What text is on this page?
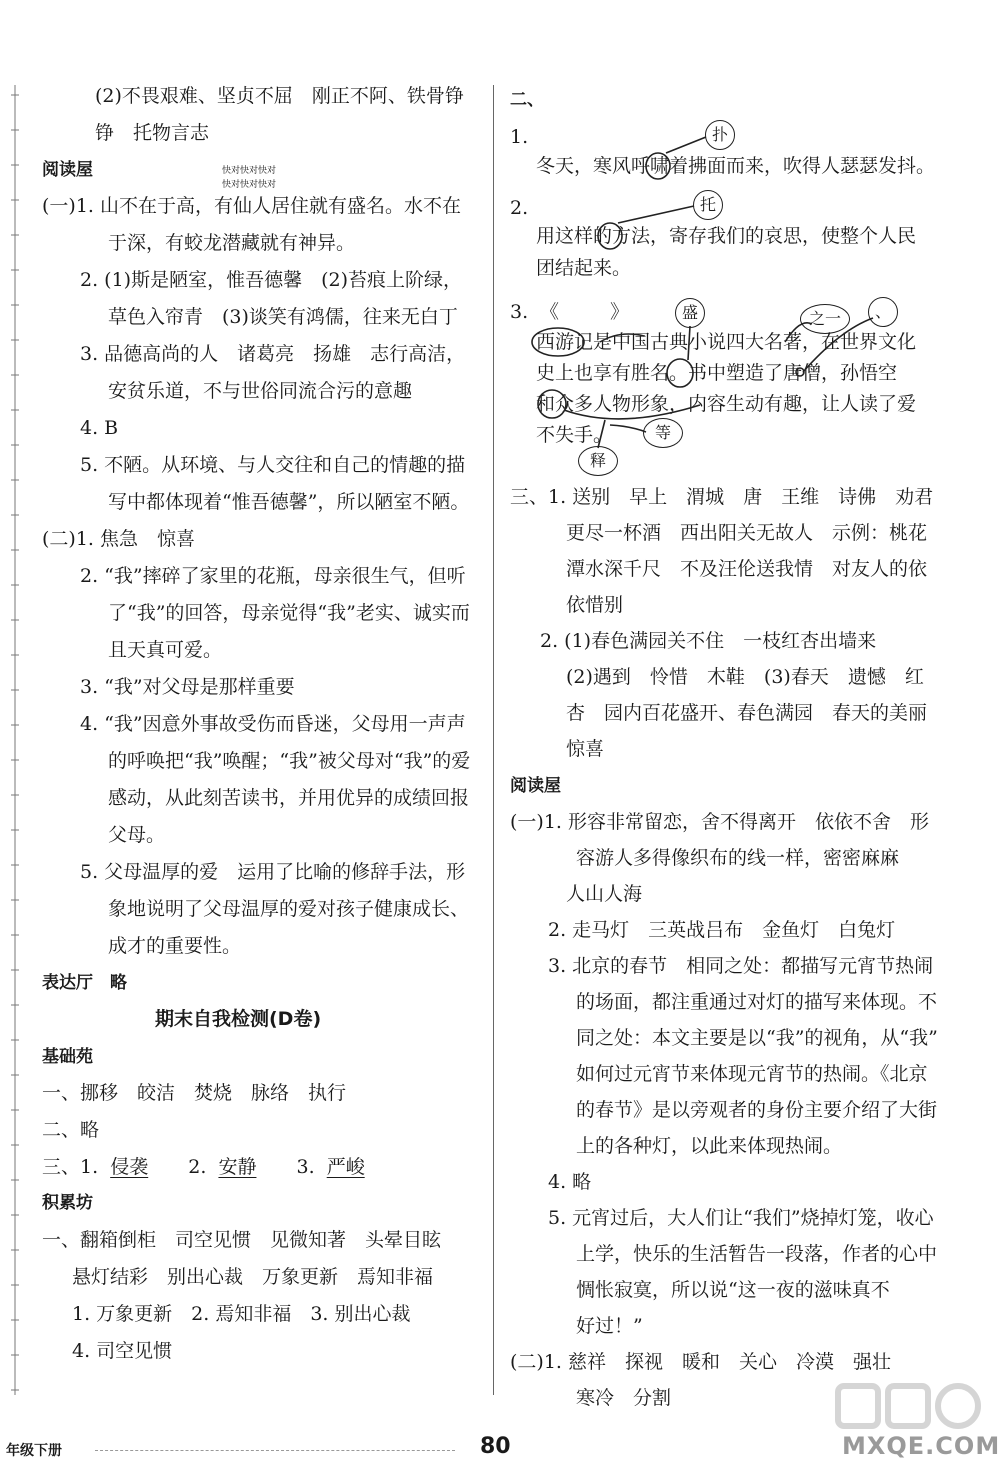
(2)不畏艰难、坚贞不屈　刚正不阿、铁骨铮
铮　托物言志
阅读屋	快对快对快对
快对快对快对
(一)1. 山不在于高，有仙人居住就有盛名。水不在
于深，有蛟龙潜藏就有神异。
2. (1)斯是陋室，惟吾德馨　(2)苔痕上阶绿，
草色入帘青　(3)谈笑有鸿儒，往来无白丁
3. 品德高尚的人　诸葛亮　扬雄　志行高洁，
安贫乐道，不与世俗同流合污的意趣
4. B
5. 不陋。从环境、与人交往和自己的情趣的描
写中都体现着“惟吾德馨”，所以陋室不陋。
(二)1. 焦急　惊喜
2. “我”摔碎了家里的花瓶，母亲很生气，但听
了“我”的回答，母亲觉得“我”老实、诚实而
且天真可爱。
3. “我”对父母是那样重要
4. “我”因意外事故受伤而昏迷，父母用一声声
的呼唤把“我”唤醒；“我”被父母对“我”的爱
感动，从此刻苦读书，并用优异的成绩回报
父母。
5. 父母温厚的爱　运用了比喻的修辞手法，形
象地说明了父母温厚的爱对孩子健康成长、
成才的重要性。
表达厅　略
期末自我检测(D卷)
基础苑
一、挪移　皎洁　焚烧　脉络　执行
二、略
三、1. 侵袭 2. 安静 3. 严峻
积累坊
一、翻箱倒柜　司空见惯　见微知著　头晕目眩
悬灯结彩　别出心裁　万象更新　焉知非福
1. 万象更新　2. 焉知非福　3. 别出心裁
4. 司空见惯
二、
1.	扑
冬天，寒风呼啸着拂面而来，吹得人瑟瑟发抖。
2.	托
用这样的方法，寄存我们的哀思，使整个人民
团结起来。
3. 《	》	盛	之一	、
西游记是中国古典小说四大名著，在世界文化
史上也享有胜名。书中塑造了唐僧，孙悟空
和众多人物形象，内容生动有趣，让人读了爱
不失手。	等
释
三、1. 送别　早上　渭城　唐　王维　诗佛　劝君
更尽一杯酒　西出阳关无故人　示例：桃花
潭水深千尺　不及汪伦送我情　对友人的依
依惜别
2. (1)春色满园关不住　一枝红杏出墙来
(2)遇到　怜惜　木鞋　(3)春天　遗憾　红
杏　园内百花盛开、春色满园　春天的美丽
惊喜
阅读屋
(一)1. 形容非常留恋，舍不得离开　依依不舍　形
容游人多得像织布的线一样，密密麻麻
人山人海
2. 走马灯　三英战吕布　金鱼灯　白兔灯
3. 北京的春节　相同之处：都描写元宵节热闹
的场面，都注重通过对灯的描写来体现。不
同之处：本文主要是以“我”的视角，从“我”
如何过元宵节来体现元宵节的热闹。《北京
的春节》是以旁观者的身份主要介绍了大街
上的各种灯，以此来体现热闹。
4. 略
5. 元宵过后，大人们让“我们”烧掉灯笼，收心
上学，快乐的生活暂告一段落，作者的心中
惆怅寂寞，所以说“这一夜的滋味真不
好过！”
(二)1. 慈祥　探视　暖和　关心　冷漠　强壮
寒冷　分割
年级下册	80	MXQE.COM
